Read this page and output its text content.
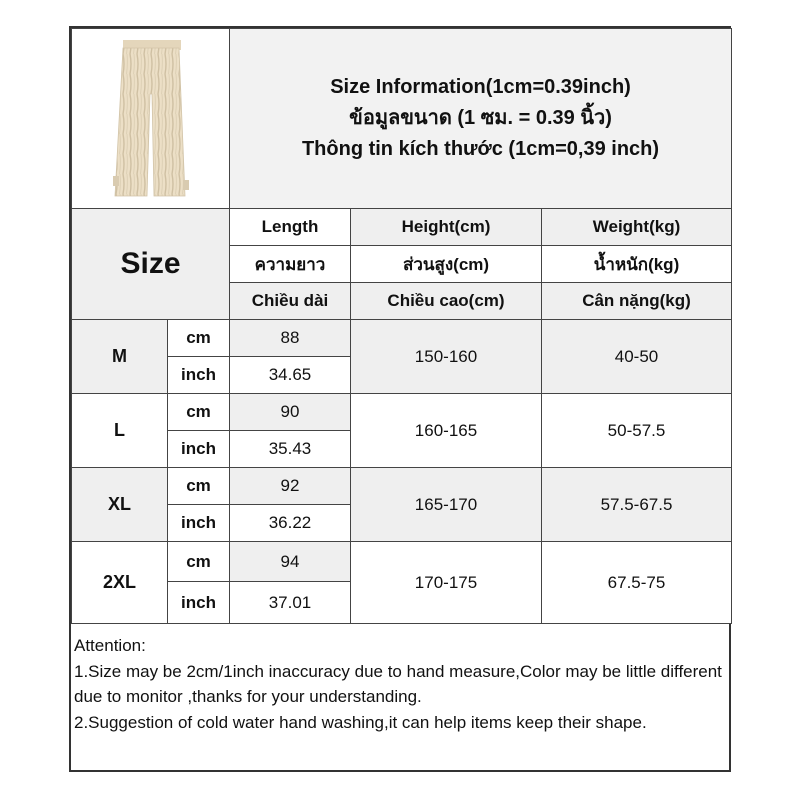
Size Information(1cm=0.39inch)
ข้อมูลขนาด (1 ซม. = 0.39 นิ้ว)
Thông tin kích thước (1cm=0,39 inch)		

Size		Length	Height(cm)	Weight(kg)
		ความยาว	ส่วนสูง(cm)	น้ำหนัก(kg)
		Chiều dài	Chiều cao(cm)	Cân nặng(kg)
M	cm	88	150-160	40-50
	inch	34.65		
L	cm	90	160-165	50-57.5
	inch	35.43		
XL	cm	92	165-170	57.5-67.5
	inch	36.22		
2XL	cm	94	170-175	67.5-75
	inch	37.01		
Attention:
1.Size may be 2cm/1inch inaccuracy due to hand measure,Color may be little different due to monitor ,thanks for your understanding.
2.Suggestion of cold water hand washing,it can help items keep their shape.
